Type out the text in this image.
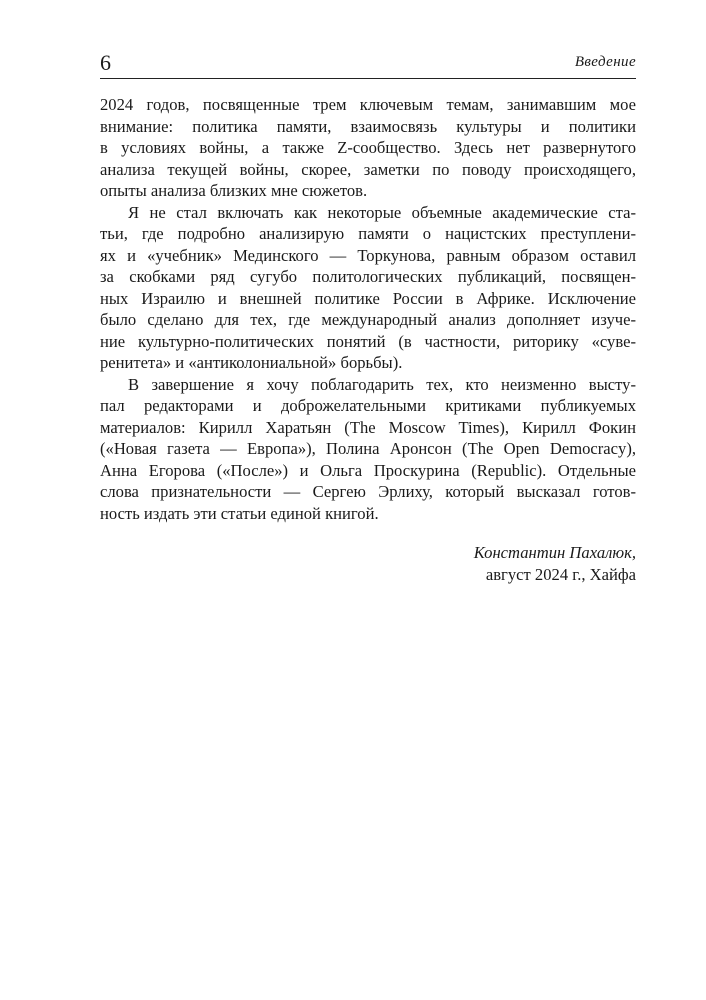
6	Введение
2024 годов, посвященные трем ключевым темам, занимавшим мое
внимание: политика памяти, взаимосвязь культуры и политики
в условиях войны, а также Z-сообщество. Здесь нет развернутого
анализа текущей войны, скорее, заметки по поводу происходящего,
опыты анализа близких мне сюжетов.
Я не стал включать как некоторые объемные академические ста-
тьи, где подробно анализирую памяти о нацистских преступлени-
ях и «учебник» Мединского — Торкунова, равным образом оставил
за скобками ряд сугубо политологических публикаций, посвящен-
ных Израилю и внешней политике России в Африке. Исключение
было сделано для тех, где международный анализ дополняет изуче-
ние культурно-политических понятий (в частности, риторику «суве-
ренитета» и «антиколониальной» борьбы).
В завершение я хочу поблагодарить тех, кто неизменно высту-
пал редакторами и доброжелательными критиками публикуемых
материалов: Кирилл Харатьян (The Moscow Times), Кирилл Фокин
(«Новая газета — Европа»), Полина Аронсон (The Open Democracy),
Анна Егорова («После») и Ольга Проскурина (Republic). Отдельные
слова признательности — Сергею Эрлиху, который высказал готов-
ность издать эти статьи единой книгой.
Константин Пахалюк,
август 2024 г., Хайфа
